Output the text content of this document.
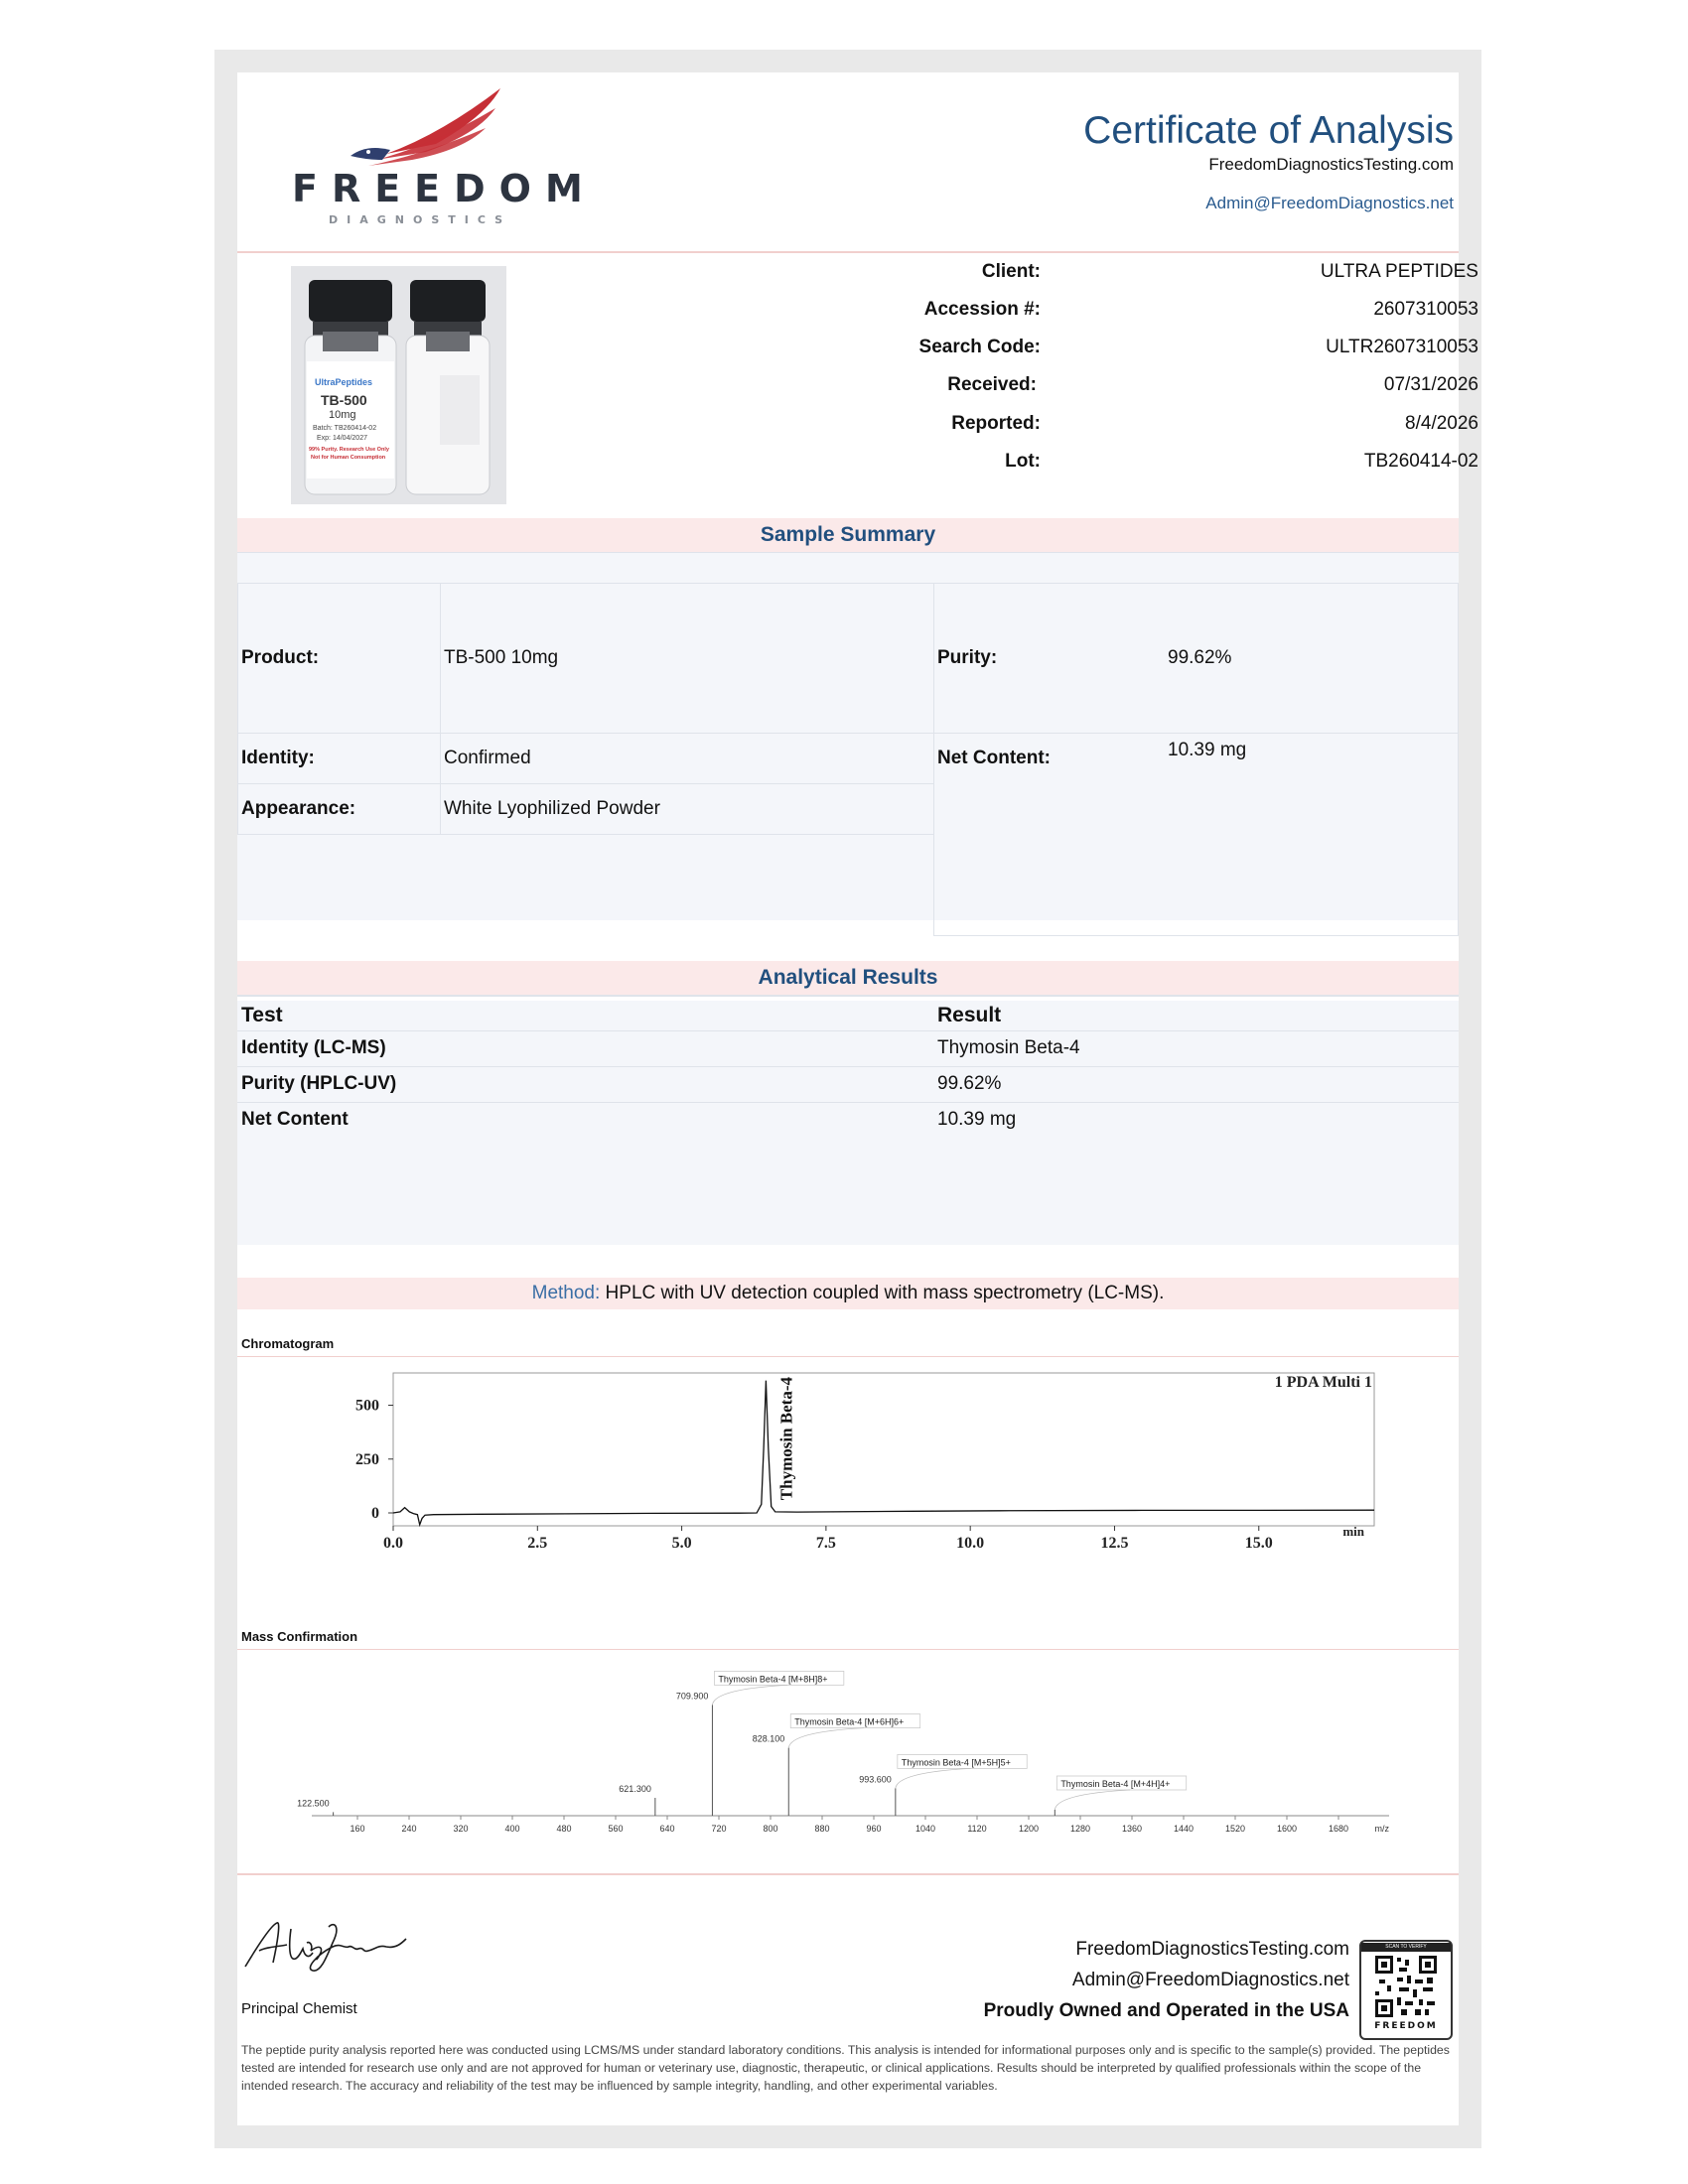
FREEDOM
DIAGNOSTICS
Certificate of Analysis
FreedomDiagnosticsTesting.com
Admin@FreedomDiagnostics.net
UltraPeptides
TB-500
10mg
Batch: TB260414-02
Exp: 14/04/2027
99% Purity. Research Use Only
Not for Human Consumption
Client:	ULTRA PEPTIDES
Accession #:	2607310053
Search Code:	ULTR2607310053
Received:	07/31/2026
Reported:	8/4/2026
Lot:	TB260414-02
Sample Summary
Product:	TB-500 10mg	Purity:	99.62%
Identity:	Confirmed	Net Content:	10.39 mg
Appearance:	White Lyophilized Powder
Analytical Results
Test	Result
Identity (LC-MS)	Thymosin Beta-4
Purity (HPLC-UV)	99.62%
Net Content	10.39 mg
Method: HPLC with UV detection coupled with mass spectrometry (LC-MS).
Chromatogram
0.0	2.5	5.0	7.5	10.0	12.5	15.0
0
250
500
min
1 PDA Multi 1
Thymosin Beta-4
Mass Confirmation
160	240	320	400	480	560	640	720	800	880	960	1040	1120	1200	1280	1360	1440	1520	1600	1680	m/z
122.500
621.300
709.900
Thymosin Beta-4 [M+8H]8+
828.100
Thymosin Beta-4 [M+6H]6+
993.600
Thymosin Beta-4 [M+5H]5+
Thymosin Beta-4 [M+4H]4+
Principal Chemist
FreedomDiagnosticsTesting.com
Admin@FreedomDiagnostics.net
Proudly Owned and Operated in the USA
SCAN TO VERIFY
FREEDOM
The peptide purity analysis reported here was conducted using LCMS/MS under standard laboratory conditions. This analysis is intended for informational purposes only and is specific to the sample(s) provided. The peptides tested are intended for research use only and are not approved for human or veterinary use, diagnostic, therapeutic, or clinical applications. Results should be interpreted by qualified professionals within the scope of the intended research. The accuracy and reliability of the test may be influenced by sample integrity, handling, and other experimental variables.
